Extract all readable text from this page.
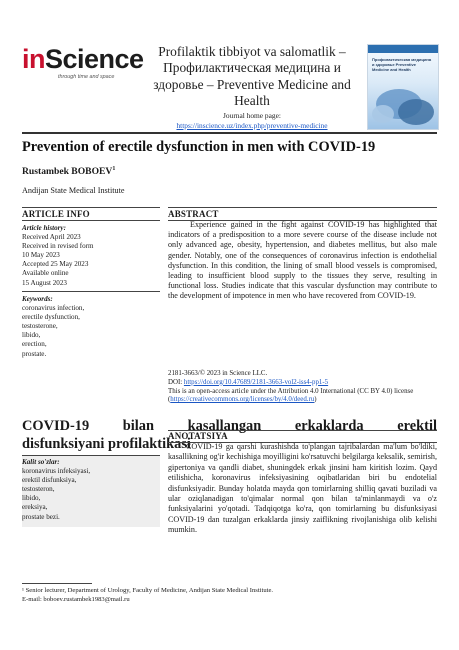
inScience
through time and space
Profilaktik tibbiyot va salomatlik – Профилактическая медицина и здоровье – Preventive Medicine and Health
Journal home page:
https://inscience.uz/index.php/preventive-medicine
Профилактическая медицина и здоровье Preventive Medicine and Health
Prevention of erectile dysfunction in men with COVID-19
Rustambek BOBOEV$^1$
Andijan State Medical Institute
ARTICLE INFO
Article history:
Received April 2023
Received in revised form
10 May 2023
Accepted 25 May 2023
Available online
15 August 2023
Keywords:
coronavirus infection,
erectile dysfunction,
testosterone,
libido,
erection,
prostate.
ABSTRACT
Experience gained in the fight against COVID-19 has highlighted that indicators of a predisposition to a more severe course of the disease include not only advanced age, obesity, hypertension, and diabetes mellitus, but also male gender. Notably, one of the consequences of coronavirus infection is endothelial dysfunction. In this condition, the lining of small blood vessels is compromised, leading to insufficient blood supply to the tissues they serve, resulting in functional loss. Studies indicate that this vascular dysfunction may contribute to the development of impotence in men who have recovered from COVID-19.
2181-3663/© 2023 in Science LLC.
DOI: https://doi.org/10.47689/2181-3663-vol2-iss4-pp1-5
This is an open-access article under the Attribution 4.0 International (CC BY 4.0) license (https://creativecommons.org/licenses/by/4.0/deed.ru)
COVID-19 bilan kasallangan erkaklarda erektil
disfunksiyani profilaktikasi
Kalit so'zlar:
koronavirus infeksiyasi,
erektil disfunksiya,
testosteron,
libido,
ereksiya,
prostate bezi.
ANOTATSIYA
COVID-19 ga qarshi kurashishda to'plangan tajribalardan ma'lum bo'ldiki, kasallikning og'ir kechishiga moyilligini ko'rsatuvchi belgilarga keksalik, semirish, gipertoniya va qandli diabet, shuningdek erkak jinsini ham kiritish lozim. Qayd etilishicha, koronavirus infeksiyasining oqibatlaridan biri bu endotelial disfunksiyadir. Bunday holatda mayda qon tomirlarning shilliq qavati buziladi va ular oziqlanadigan to'qimalar normal qon bilan ta'minlanmaydi va o'z funksiyalarini yo'qotadi. Tadqiqotga ko'ra, qon tomirlarning bu disfunksiyasi COVID-19 dan tuzalgan erkaklarda jinsiy zaiflikning rivojlanishiga olib kelishi mumkin.
¹ Senior lecturer, Department of Urology, Faculty of Medicine, Andijan State Medical Institute.
E-mail: boboev.rustambek1983@mail.ru
